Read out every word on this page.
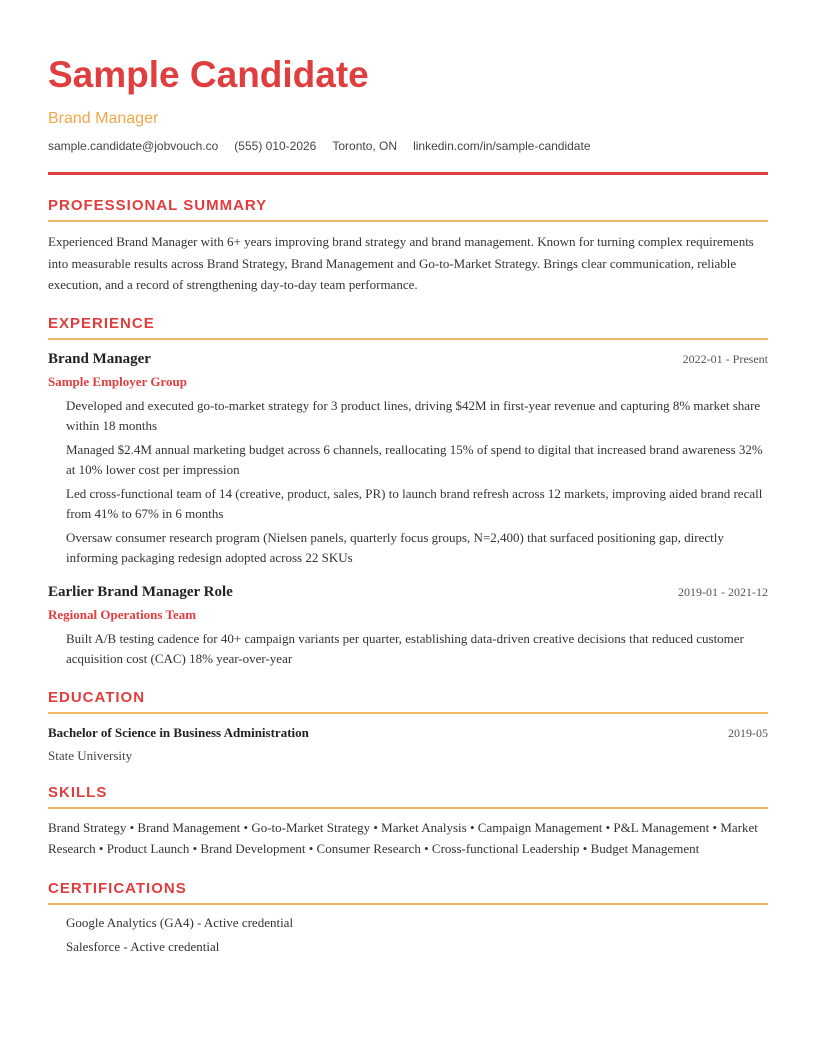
Sample Candidate
Brand Manager
sample.candidate@jobvouch.co (555) 010-2026 Toronto, ON linkedin.com/in/sample-candidate
PROFESSIONAL SUMMARY
Experienced Brand Manager with 6+ years improving brand strategy and brand management. Known for turning complex requirements into measurable results across Brand Strategy, Brand Management and Go-to-Market Strategy. Brings clear communication, reliable execution, and a record of strengthening day-to-day team performance.
EXPERIENCE
Brand Manager	2022-01 - Present
Sample Employer Group
Developed and executed go-to-market strategy for 3 product lines, driving $42M in first-year revenue and capturing 8% market share within 18 months
Managed $2.4M annual marketing budget across 6 channels, reallocating 15% of spend to digital that increased brand awareness 32% at 10% lower cost per impression
Led cross-functional team of 14 (creative, product, sales, PR) to launch brand refresh across 12 markets, improving aided brand recall from 41% to 67% in 6 months
Oversaw consumer research program (Nielsen panels, quarterly focus groups, N=2,400) that surfaced positioning gap, directly informing packaging redesign adopted across 22 SKUs
Earlier Brand Manager Role	2019-01 - 2021-12
Regional Operations Team
Built A/B testing cadence for 40+ campaign variants per quarter, establishing data-driven creative decisions that reduced customer acquisition cost (CAC) 18% year-over-year
EDUCATION
Bachelor of Science in Business Administration	2019-05
State University
SKILLS
Brand Strategy • Brand Management • Go-to-Market Strategy • Market Analysis • Campaign Management • P&L Management • Market Research • Product Launch • Brand Development • Consumer Research • Cross-functional Leadership • Budget Management
CERTIFICATIONS
Google Analytics (GA4) - Active credential
Salesforce - Active credential
